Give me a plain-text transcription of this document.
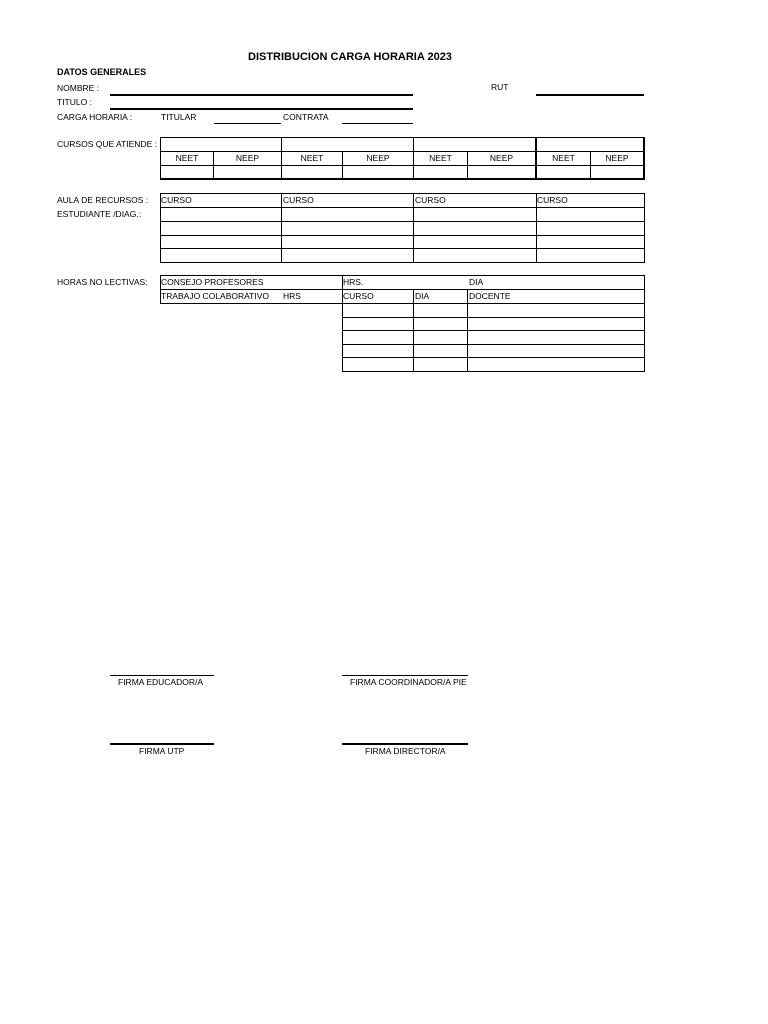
DISTRIBUCION CARGA HORARIA 2023
DATOS GENERALES
NOMBRE :	RUT
TITULO :
CARGA HORARIA :	TITULAR	CONTRATA
CURSOS QUE ATIENDE :
NEET	NEEP	NEET	NEEP	NEET	NEEP	NEET	NEEP
AULA DE RECURSOS :
ESTUDIANTE /DIAG.:
CURSO	CURSO	CURSO	CURSO
HORAS NO LECTIVAS: CONSEJO PROFESORES	HRS.	DIA
TRABAJO COLABORATIVO HRS	CURSO	DIA	DOCENTE
FIRMA EDUCADOR/A	FIRMA COORDINADOR/A PIE
FIRMA UTP	FIRMA DIRECTOR/A
